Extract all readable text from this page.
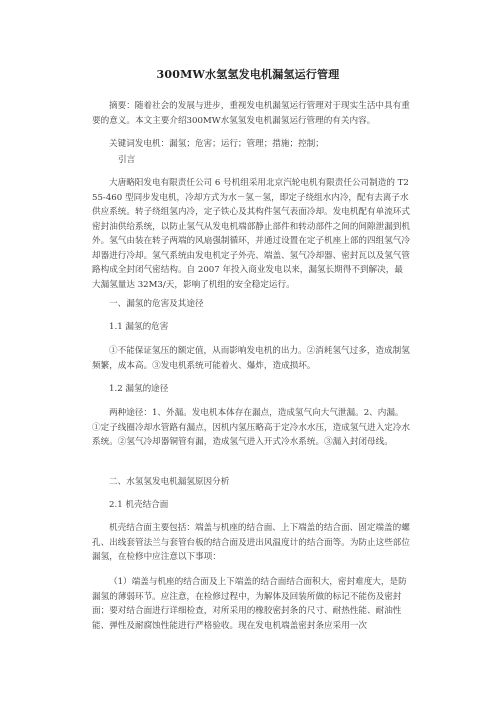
300MW水氢氢发电机漏氢运行管理

摘要：随着社会的发展与进步，重视发电机漏氢运行管理对于现实生活中具有重要的意义。本文主要介绍300MW水氢氢发电机漏氢运行管理的有关内容。

关键词发电机：漏氢；危害；运行；管理；措施；控制；
引言

大唐略阳发电有限责任公司 6 号机组采用北京汽轮电机有限责任公司制造的 T255-460 型同步发电机，冷却方式为水－氢－氢，即定子绕组水内冷，配有去离子水供应系统。转子绕组氢内冷，定子铁心及其构件氢气表面冷却。发电机配有单流环式密封油供给系统，以防止氢气从发电机端部静止部件和转动部件之间的间隙泄漏到机外。氢气由装在转子两端的风扇强制循环，并通过设置在定子机座上部的四组氢气冷却器进行冷却。氢气系统由发电机定子外壳、端盖、氢气冷却器、密封瓦以及氢气管路构成全封闭气密结构。自 2007 年投入商业发电以来，漏氢长期得不到解决，最大漏氢量达 32M3/天，影响了机组的安全稳定运行。

一、漏氢的危害及其途径
1.1 漏氢的危害

①不能保证氢压的额定值，从而影响发电机的出力。②消耗氢气过多，造成制氢频繁，成本高。③发电机系统可能着火、爆炸，造成损坏。

1.2 漏氢的途径

两种途径：1、外漏。发电机本体存在漏点，造成氢气向大气泄漏。2、内漏。①定子线圈冷却水管路有漏点，因机内氢压略高于定冷水水压，造成氢气进入定冷水系统。②氢气冷却器铜管有漏，造成氢气进入开式冷水系统。③漏入封闭母线。

二、水氢氢发电机漏氢原因分析
2.1 机壳结合面

机壳结合面主要包括：端盖与机座的结合面、上下端盖的结合面、固定端盖的螺孔、出线套管法兰与套管台板的结合面及进出风温度计的结合面等。为防止这些部位漏氢，在检修中应注意以下事项：

（1）端盖与机座的结合面及上下端盖的结合面结合面积大，密封难度大，是防漏氢的薄弱环节。应注意，在检修过程中，为解体及回装所做的标记不能伤及密封面；要对结合面进行详细检查，对所采用的橡胶密封条的尺寸、耐热性能、耐油性能、弹性及耐腐蚀性能进行严格验收。现在发电机端盖密封条应采用一次
